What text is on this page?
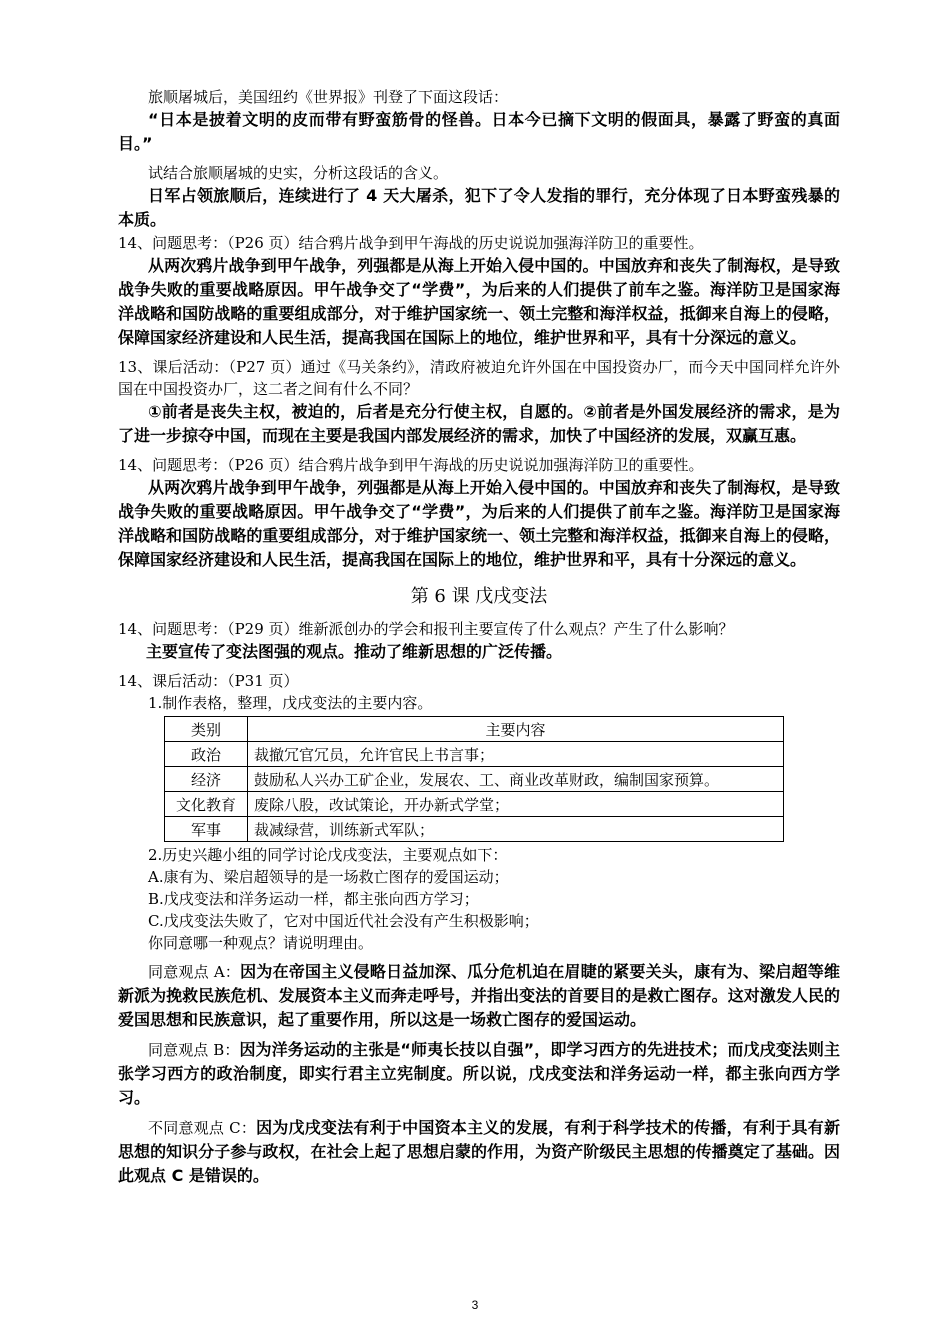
旅顺屠城后，美国纽约《世界报》刊登了下面这段话：

“日本是披着文明的皮而带有野蛮筋骨的怪兽。日本今已摘下文明的假面具，暴露了野蛮的真面目。”

试结合旅顺屠城的史实，分析这段话的含义。

日军占领旅顺后，连续进行了 4 天大屠杀，犯下了令人发指的罪行，充分体现了日本野蛮残暴的本质。

14、问题思考：（P26 页）结合鸦片战争到甲午海战的历史说说加强海洋防卫的重要性。

从两次鸦片战争到甲午战争，列强都是从海上开始入侵中国的。中国放弃和丧失了制海权，是导致战争失败的重要战略原因。甲午战争交了“学费”，为后来的人们提供了前车之鉴。海洋防卫是国家海洋战略和国防战略的重要组成部分，对于维护国家统一、领土完整和海洋权益，抵御来自海上的侵略，保障国家经济建设和人民生活，提高我国在国际上的地位，维护世界和平，具有十分深远的意义。

13、课后活动：（P27 页）通过《马关条约》，清政府被迫允许外国在中国投资办厂，而今天中国同样允许外国在中国投资办厂，这二者之间有什么不同？

①前者是丧失主权，被迫的，后者是充分行使主权，自愿的。②前者是外国发展经济的需求，是为了进一步掠夺中国，而现在主要是我国内部发展经济的需求，加快了中国经济的发展，双赢互惠。

14、问题思考：（P26 页）结合鸦片战争到甲午海战的历史说说加强海洋防卫的重要性。

从两次鸦片战争到甲午战争，列强都是从海上开始入侵中国的。中国放弃和丧失了制海权，是导致战争失败的重要战略原因。甲午战争交了“学费”，为后来的人们提供了前车之鉴。海洋防卫是国家海洋战略和国防战略的重要组成部分，对于维护国家统一、领土完整和海洋权益，抵御来自海上的侵略，保障国家经济建设和人民生活，提高我国在国际上的地位，维护世界和平，具有十分深远的意义。

第 6 课 戊戌变法

14、问题思考：（P29 页）维新派创办的学会和报刊主要宣传了什么观点？产生了什么影响？

主要宣传了变法图强的观点。推动了维新思想的广泛传播。

14、课后活动：（P31 页）

1.制作表格，整理，戊戌变法的主要内容。

类别	主要内容
政治	裁撤冗官冗员，允许官民上书言事；
经济	鼓励私人兴办工矿企业，发展农、工、商业改革财政，编制国家预算。
文化教育	废除八股，改试策论，开办新式学堂；
军事	裁减绿营，训练新式军队；

2.历史兴趣小组的同学讨论戊戌变法，主要观点如下：

A.康有为、梁启超领导的是一场救亡图存的爱国运动；

B.戊戌变法和洋务运动一样，都主张向西方学习；

C.戊戌变法失败了，它对中国近代社会没有产生积极影响；

你同意哪一种观点？请说明理由。

同意观点 A：因为在帝国主义侵略日益加深、瓜分危机迫在眉睫的紧要关头，康有为、梁启超等维新派为挽救民族危机、发展资本主义而奔走呼号，并指出变法的首要目的是救亡图存。这对激发人民的爱国思想和民族意识，起了重要作用，所以这是一场救亡图存的爱国运动。

同意观点 B：因为洋务运动的主张是“师夷长技以自强”，即学习西方的先进技术；而戊戌变法则主张学习西方的政治制度，即实行君主立宪制度。所以说，戊戌变法和洋务运动一样，都主张向西方学习。

不同意观点 C：因为戊戌变法有利于中国资本主义的发展，有利于科学技术的传播，有利于具有新思想的知识分子参与政权，在社会上起了思想启蒙的作用，为资产阶级民主思想的传播奠定了基础。因此观点 C 是错误的。

3
